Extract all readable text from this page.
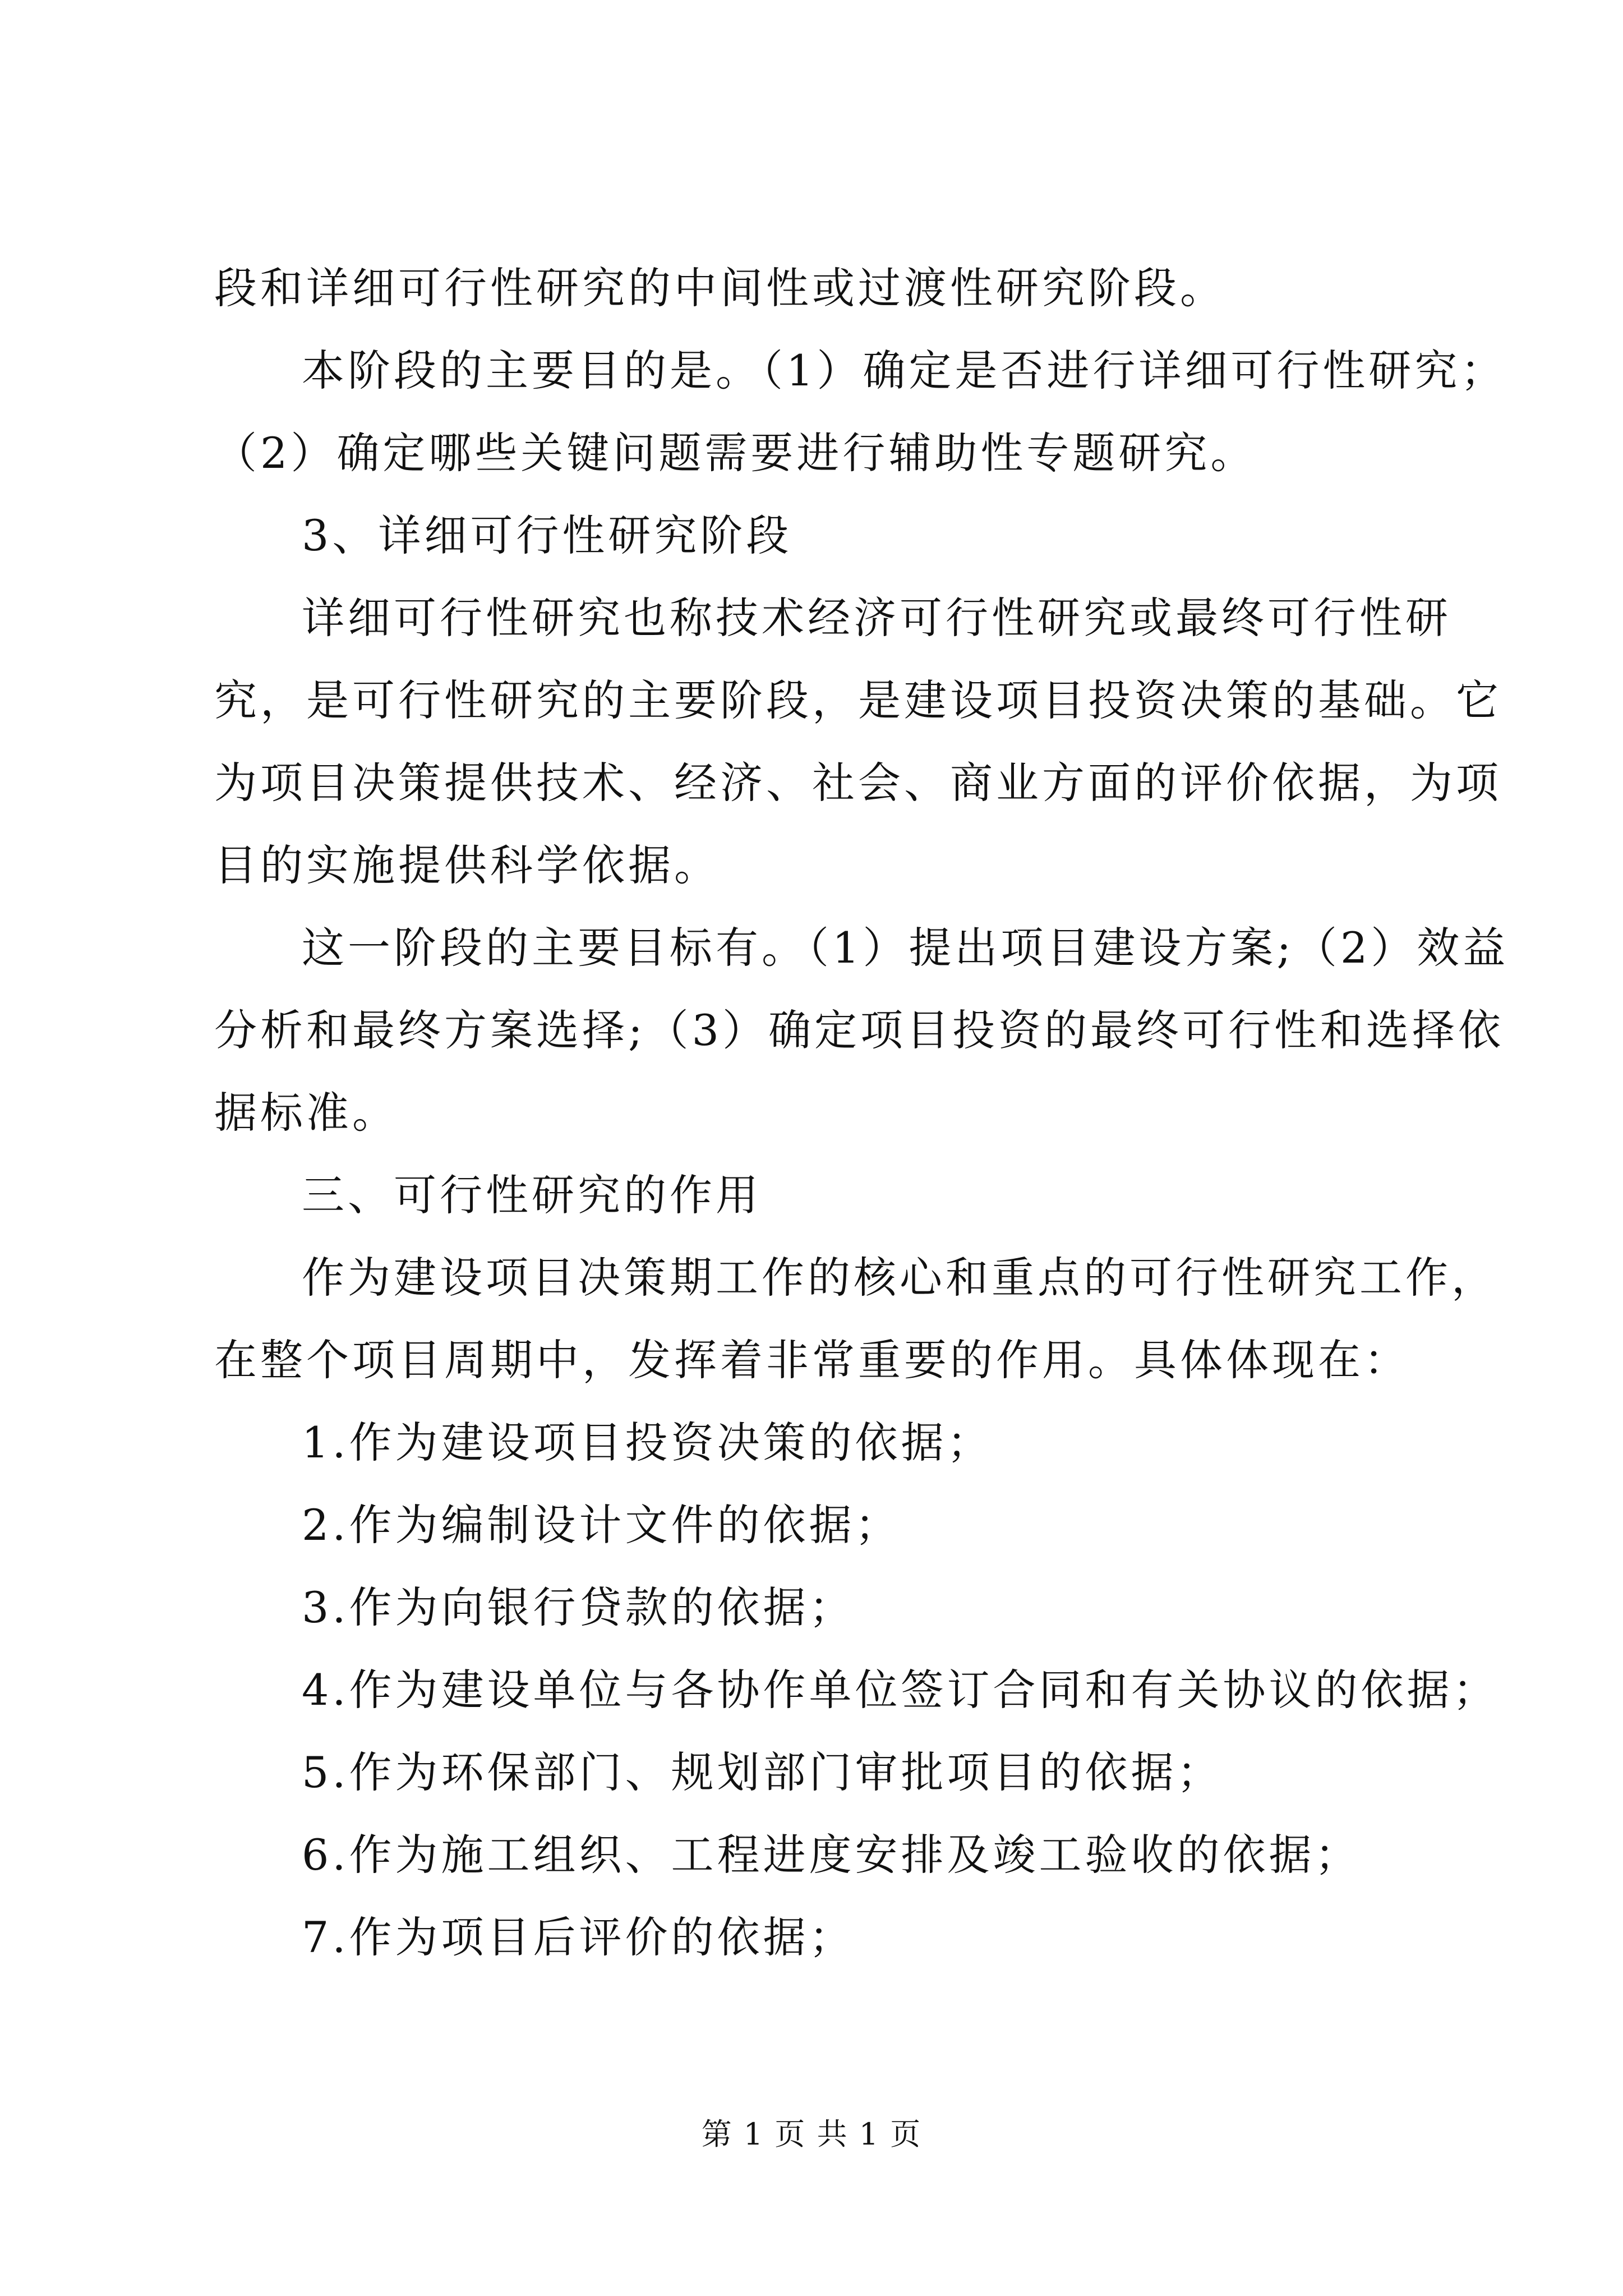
段和详细可行性研究的中间性或过渡性研究阶段。
本阶段的主要目的是。（1）确定是否进行详细可行性研究；
（2）确定哪些关键问题需要进行辅助性专题研究。
3、详细可行性研究阶段
详细可行性研究也称技术经济可行性研究或最终可行性研
究，是可行性研究的主要阶段，是建设项目投资决策的基础。它
为项目决策提供技术、经济、社会、商业方面的评价依据，为项
目的实施提供科学依据。
这一阶段的主要目标有。（1）提出项目建设方案;（2）效益
分析和最终方案选择;（3）确定项目投资的最终可行性和选择依
据标准。
三、可行性研究的作用
作为建设项目决策期工作的核心和重点的可行性研究工作，
在整个项目周期中，发挥着非常重要的作用。具体体现在：
1.作为建设项目投资决策的依据；
2.作为编制设计文件的依据；
3.作为向银行贷款的依据；
4.作为建设单位与各协作单位签订合同和有关协议的依据；
5.作为环保部门、规划部门审批项目的依据；
6.作为施工组织、工程进度安排及竣工验收的依据；
7.作为项目后评价的依据；
第 1 页 共 1 页
